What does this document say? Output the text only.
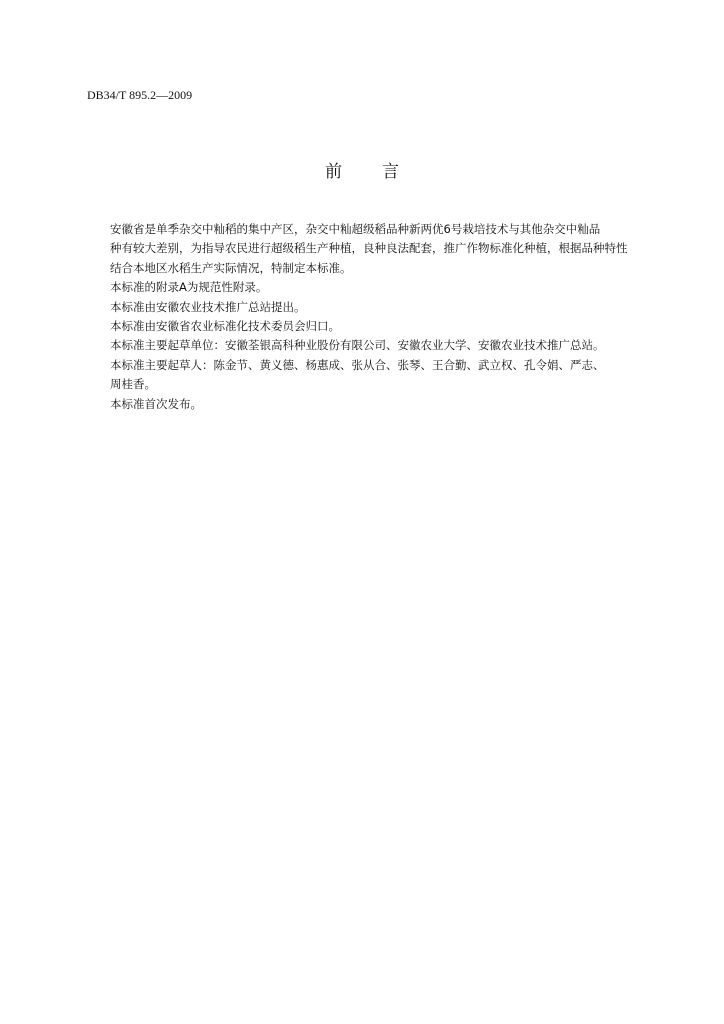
DB34/T 895.2—2009
前 言

安徽省是单季杂交中籼稻的集中产区，杂交中籼超级稻品种新两优6号栽培技术与其他杂交中籼品

种有较大差别，为指导农民进行超级稻生产种植，良种良法配套，推广作物标准化种植，根据品种特性

结合本地区水稻生产实际情况，特制定本标准。

本标准的附录A为规范性附录。

本标准由安徽农业技术推广总站提出。

本标准由安徽省农业标准化技术委员会归口。

本标准主要起草单位：安徽荃银高科种业股份有限公司、安徽农业大学、安徽农业技术推广总站。

本标准主要起草人：陈金节、黄义德、杨惠成、张从合、张琴、王合勤、武立权、孔令娟、严志、

周桂香。

本标准首次发布。
